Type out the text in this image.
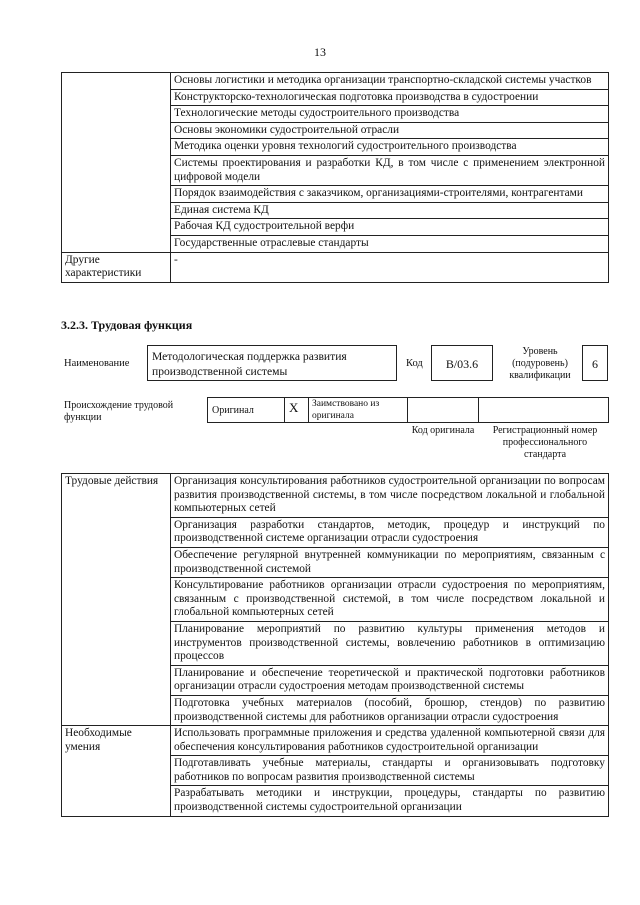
13
	Основы логистики и методика организации транспортно-складской системы участков
	Конструкторско-технологическая подготовка производства в судостроении
	Технологические методы судостроительного производства
	Основы экономики судостроительной отрасли
	Методика оценки уровня технологий судостроительного производства
	Системы проектирования и разработки КД, в том числе с применением электронной цифровой модели
	Порядок взаимодействия с заказчиком, организациями-строителями, контрагентами
	Единая система КД
	Рабочая КД судостроительной верфи
	Государственные отраслевые стандарты
Другие характеристики	-
3.2.3. Трудовая функция
Наименование
Методологическая поддержка развития производственной системы
Код	B/03.6
Уровень (подуровень) квалификации
6
Происхождение трудовой функции
Оригинал	X Заимствовано из оригинала
Код оригинала	Регистрационный номер профессионального стандарта
Трудовые действия	Организация консультирования работников судостроительной организации по вопросам развития производственной системы, в том числе посредством локальной и глобальной компьютерных сетей
	Организация разработки стандартов, методик, процедур и инструкций по производственной системе организации отрасли судостроения
	Обеспечение регулярной внутренней коммуникации по мероприятиям, связанным с производственной системой
	Консультирование работников организации отрасли судостроения по мероприятиям, связанным с производственной системой, в том числе посредством локальной и глобальной компьютерных сетей
	Планирование мероприятий по развитию культуры применения методов и инструментов производственной системы, вовлечению работников в оптимизацию процессов
	Планирование и обеспечение теоретической и практической подготовки работников организации отрасли судостроения методам производственной системы
	Подготовка учебных материалов (пособий, брошюр, стендов) по развитию производственной системы для работников организации отрасли судостроения
Необходимые умения	Использовать программные приложения и средства удаленной компьютерной связи для обеспечения консультирования работников судостроительной организации
	Подготавливать учебные материалы, стандарты и организовывать подготовку работников по вопросам развития производственной системы
	Разрабатывать методики и инструкции, процедуры, стандарты по развитию производственной системы судостроительной организации
